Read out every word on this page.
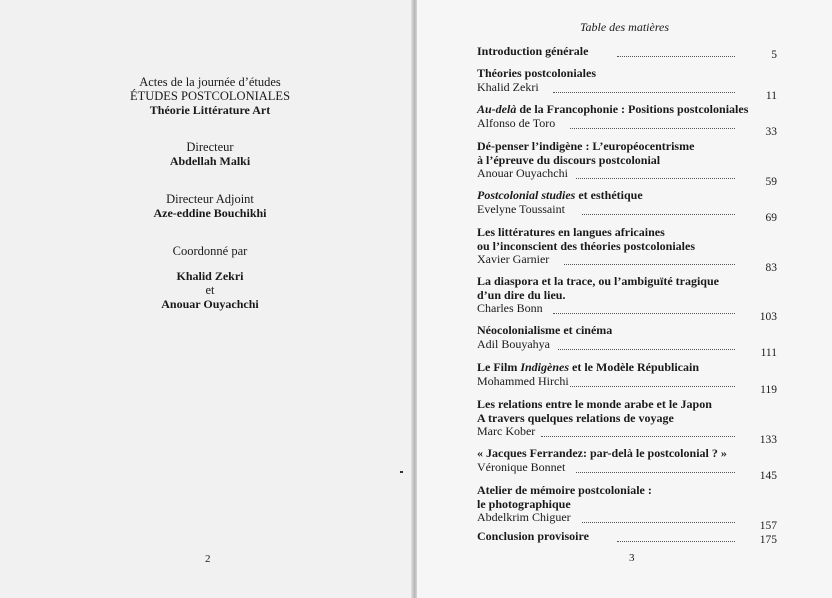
Actes de la journée d’études
ÉTUDES POSTCOLONIALES
Théorie Littérature Art
Directeur
Abdellah Malki
Directeur Adjoint
Aze-eddine Bouchikhi
Coordonné par
Khalid Zekri
et
Anouar Ouyachchi
2
Table des matières
Introduction générale	5
Théories postcoloniales
Khalid Zekri
11
Au-delà de la Francophonie : Positions postcoloniales
Alfonso de Toro
33
Dé-penser l’indigène : L’européocentrisme
à l’épreuve du discours postcolonial
Anouar Ouyachchi
59
Postcolonial studies et esthétique
Evelyne Toussaint
69
Les littératures en langues africaines
ou l’inconscient des théories postcoloniales
Xavier Garnier
83
La diaspora et la trace, ou l’ambiguïté tragique
d’un dire du lieu.
Charles Bonn
103
Néocolonialisme et cinéma
Adil Bouyahya
111
Le Film Indigènes et le Modèle Républicain
Mohammed Hirchi
119
Les relations entre le monde arabe et le Japon
A travers quelques relations de voyage
Marc Kober
133
« Jacques Ferrandez: par-delà le postcolonial ? »
Véronique Bonnet
145
Atelier de mémoire postcoloniale :
le photographique
Abdelkrim Chiguer
157
Conclusion provisoire	175
3
